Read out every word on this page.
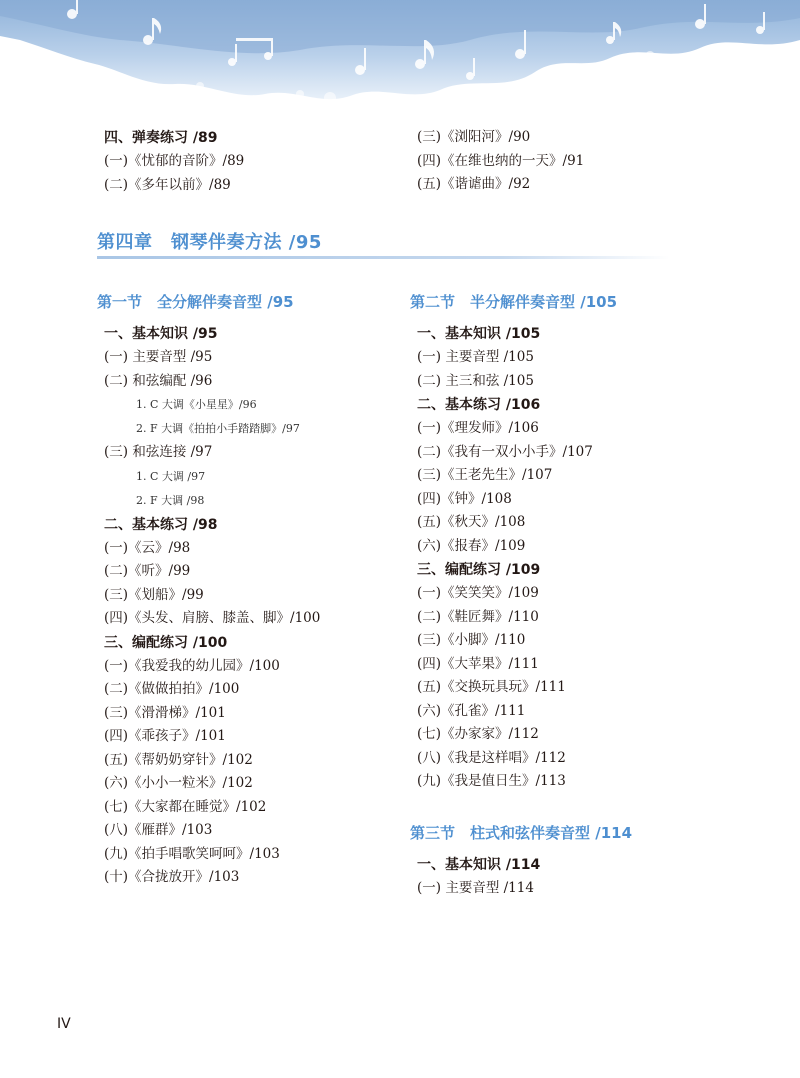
四、弹奏练习 /89
(一)《忧郁的音阶》/89
(二)《多年以前》/89
(三)《浏阳河》/90
(四)《在维也纳的一天》/91
(五)《谐谑曲》/92
第四章　钢琴伴奏方法 /95
第一节　全分解伴奏音型 /95
一、基本知识 /95
(一) 主要音型 /95
(二) 和弦编配 /96
1. C 大调《小星星》/96
2. F 大调《拍拍小手踏踏脚》/97
(三) 和弦连接 /97
1. C 大调 /97
2. F 大调 /98
二、基本练习 /98
(一)《云》/98
(二)《听》/99
(三)《划船》/99
(四)《头发、肩膀、膝盖、脚》/100
三、编配练习 /100
(一)《我爱我的幼儿园》/100
(二)《做做拍拍》/100
(三)《滑滑梯》/101
(四)《乖孩子》/101
(五)《帮奶奶穿针》/102
(六)《小小一粒米》/102
(七)《大家都在睡觉》/102
(八)《雁群》/103
(九)《拍手唱歌笑呵呵》/103
(十)《合拢放开》/103
第二节　半分解伴奏音型 /105
一、基本知识 /105
(一) 主要音型 /105
(二) 主三和弦 /105
二、基本练习 /106
(一)《理发师》/106
(二)《我有一双小小手》/107
(三)《王老先生》/107
(四)《钟》/108
(五)《秋天》/108
(六)《报春》/109
三、编配练习 /109
(一)《笑笑笑》/109
(二)《鞋匠舞》/110
(三)《小脚》/110
(四)《大苹果》/111
(五)《交换玩具玩》/111
(六)《孔雀》/111
(七)《办家家》/112
(八)《我是这样唱》/112
(九)《我是值日生》/113
第三节　柱式和弦伴奏音型 /114
一、基本知识 /114
(一) 主要音型 /114
IV
